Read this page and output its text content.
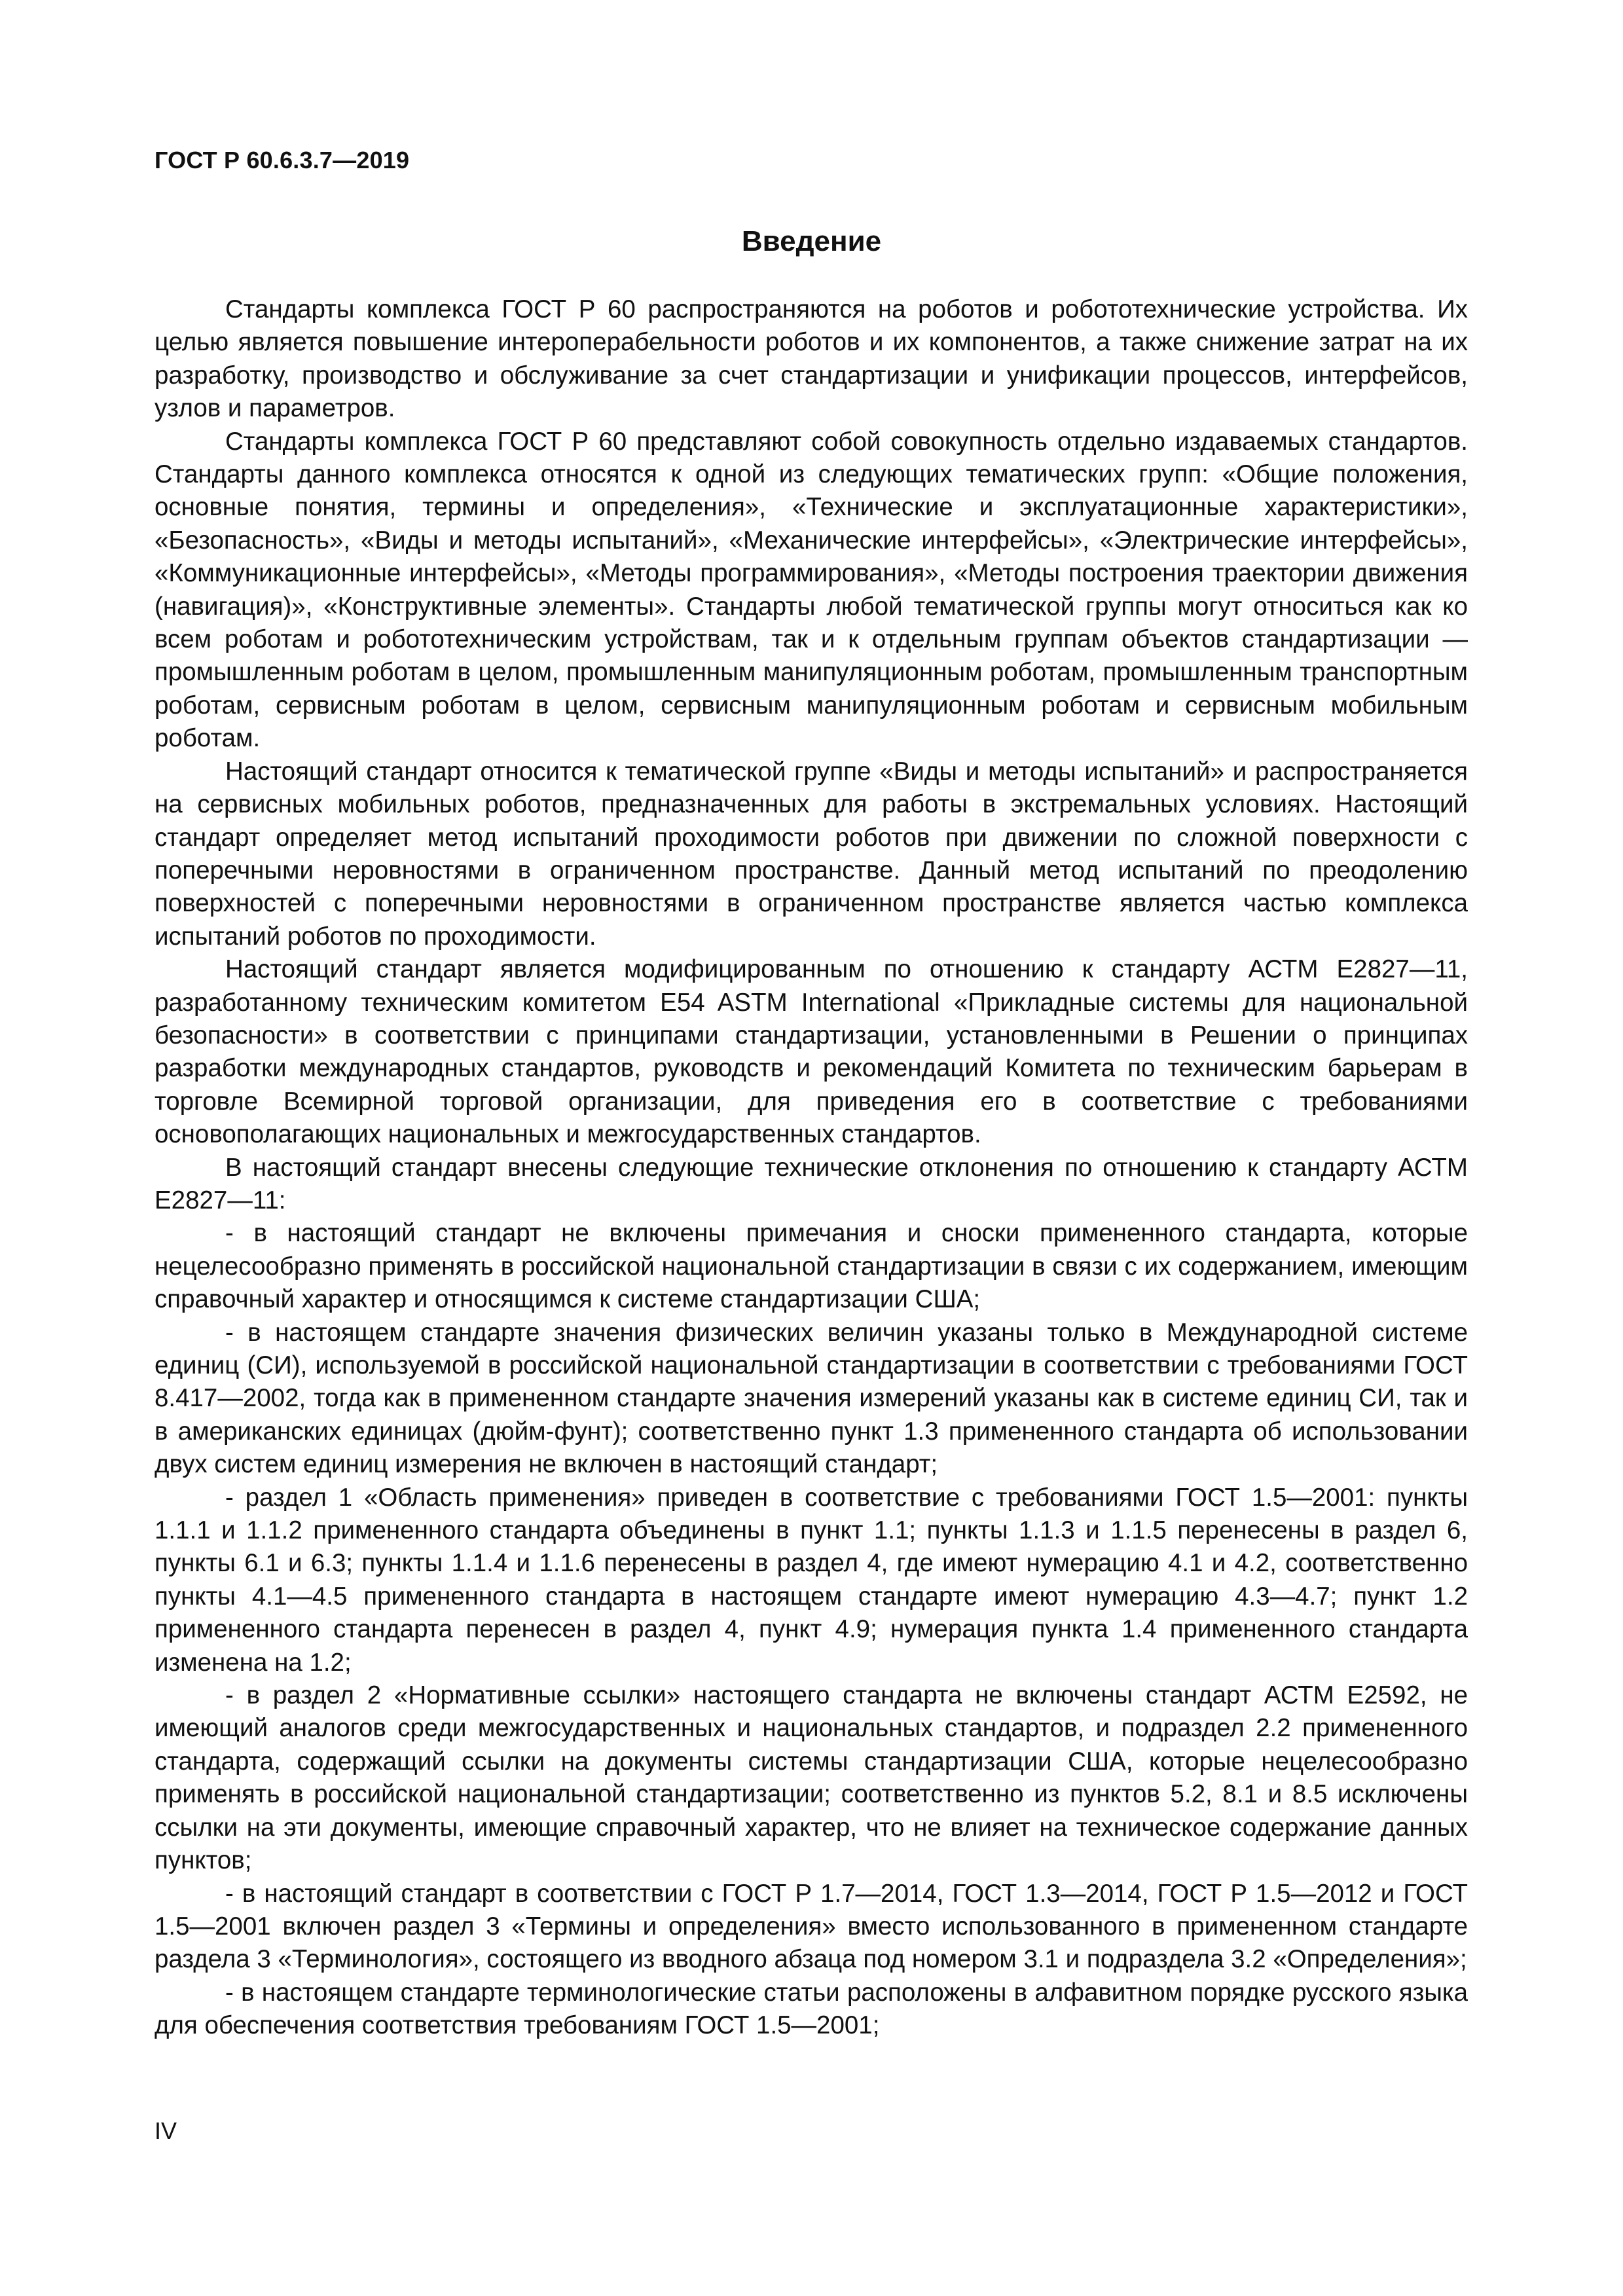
ГОСТ Р 60.6.3.7—2019
Введение

Стандарты комплекса ГОСТ Р 60 распространяются на роботов и робототехнические устройства. Их целью является повышение интероперабельности роботов и их компонентов, а также снижение затрат на их разработку, производство и обслуживание за счет стандартизации и унификации процессов, интерфейсов, узлов и параметров.

Стандарты комплекса ГОСТ Р 60 представляют собой совокупность отдельно издаваемых стандартов. Стандарты данного комплекса относятся к одной из следующих тематических групп: «Общие положения, основные понятия, термины и определения», «Технические и эксплуатационные характеристики», «Безопасность», «Виды и методы испытаний», «Механические интерфейсы», «Электрические интерфейсы», «Коммуникационные интерфейсы», «Методы программирования», «Методы построения траектории движения (навигация)», «Конструктивные элементы». Стандарты любой тематической группы могут относиться как ко всем роботам и робототехническим устройствам, так и к отдельным группам объектов стандартизации — промышленным роботам в целом, промышленным манипуляционным роботам, промышленным транспортным роботам, сервисным роботам в целом, сервисным манипуляционным роботам и сервисным мобильным роботам.

Настоящий стандарт относится к тематической группе «Виды и методы испытаний» и распространяется на сервисных мобильных роботов, предназначенных для работы в экстремальных условиях. Настоящий стандарт определяет метод испытаний проходимости роботов при движении по сложной поверхности с поперечными неровностями в ограниченном пространстве. Данный метод испытаний по преодолению поверхностей с поперечными неровностями в ограниченном пространстве является частью комплекса испытаний роботов по проходимости.

Настоящий стандарт является модифицированным по отношению к стандарту АСТМ Е2827—11, разработанному техническим комитетом E54 ASTM International «Прикладные системы для национальной безопасности» в соответствии с принципами стандартизации, установленными в Решении о принципах разработки международных стандартов, руководств и рекомендаций Комитета по техническим барьерам в торговле Всемирной торговой организации, для приведения его в соответствие с требованиями основополагающих национальных и межгосударственных стандартов.

В настоящий стандарт внесены следующие технические отклонения по отношению к стандарту АСТМ Е2827—11:

- в настоящий стандарт не включены примечания и сноски примененного стандарта, которые нецелесообразно применять в российской национальной стандартизации в связи с их содержанием, имеющим справочный характер и относящимся к системе стандартизации США;

- в настоящем стандарте значения физических величин указаны только в Международной системе единиц (СИ), используемой в российской национальной стандартизации в соответствии с требованиями ГОСТ 8.417—2002, тогда как в примененном стандарте значения измерений указаны как в системе единиц СИ, так и в американских единицах (дюйм-фунт); соответственно пункт 1.3 примененного стандарта об использовании двух систем единиц измерения не включен в настоящий стандарт;

- раздел 1 «Область применения» приведен в соответствие с требованиями ГОСТ 1.5—2001: пункты 1.1.1 и 1.1.2 примененного стандарта объединены в пункт 1.1; пункты 1.1.3 и 1.1.5 перенесены в раздел 6, пункты 6.1 и 6.3; пункты 1.1.4 и 1.1.6 перенесены в раздел 4, где имеют нумерацию 4.1 и 4.2, соответственно пункты 4.1—4.5 примененного стандарта в настоящем стандарте имеют нумерацию 4.3—4.7; пункт 1.2 примененного стандарта перенесен в раздел 4, пункт 4.9; нумерация пункта 1.4 примененного стандарта изменена на 1.2;

- в раздел 2 «Нормативные ссылки» настоящего стандарта не включены стандарт АСТМ Е2592, не имеющий аналогов среди межгосударственных и национальных стандартов, и подраздел 2.2 примененного стандарта, содержащий ссылки на документы системы стандартизации США, которые нецелесообразно применять в российской национальной стандартизации; соответственно из пунктов 5.2, 8.1 и 8.5 исключены ссылки на эти документы, имеющие справочный характер, что не влияет на техническое содержание данных пунктов;

- в настоящий стандарт в соответствии с ГОСТ Р 1.7—2014, ГОСТ 1.3—2014, ГОСТ Р 1.5—2012 и ГОСТ 1.5—2001 включен раздел 3 «Термины и определения» вместо использованного в примененном стандарте раздела 3 «Терминология», состоящего из вводного абзаца под номером 3.1 и подраздела 3.2 «Определения»;

- в настоящем стандарте терминологические статьи расположены в алфавитном порядке русского языка для обеспечения соответствия требованиям ГОСТ 1.5—2001;

IV
